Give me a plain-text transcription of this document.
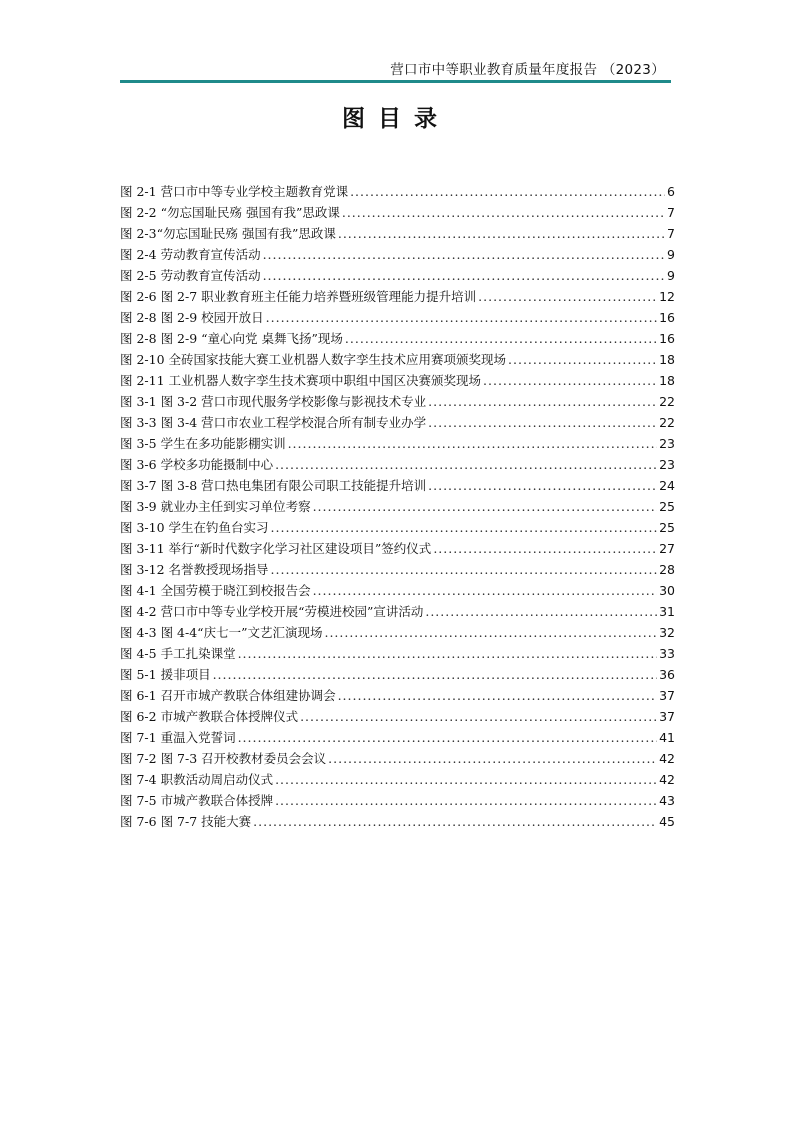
营口市中等职业教育质量年度报告 （2023）
图目录
图 2-1 营口市中等专业学校主题教育党课 .....	6
图 2-2 “勿忘国耻民殇 强国有我”思政课 .....	7
图 2-3“勿忘国耻民殇 强国有我”思政课 .....	7
图 2-4 劳动教育宣传活动 .....	9
图 2-5 劳动教育宣传活动 .....	9
图 2-6 图 2-7 职业教育班主任能力培养暨班级管理能力提升培训 .....	12
图 2-8 图 2-9 校园开放日 .....	16
图 2-8 图 2-9 “童心向党 桌舞飞扬”现场 .....	16
图 2-10 全砖国家技能大赛工业机器人数字孪生技术应用赛项颁奖现场 .....	18
图 2-11 工业机器人数字孪生技术赛项中职组中国区决赛颁奖现场 .....	18
图 3-1 图 3-2 营口市现代服务学校影像与影视技术专业 .....	22
图 3-3 图 3-4 营口市农业工程学校混合所有制专业办学 .....	22
图 3-5 学生在多功能影棚实训 .....	23
图 3-6 学校多功能摄制中心 .....	23
图 3-7 图 3-8 营口热电集团有限公司职工技能提升培训 .....	24
图 3-9 就业办主任到实习单位考察 .....	25
图 3-10 学生在钓鱼台实习 .....	25
图 3-11 举行“新时代数字化学习社区建设项目”签约仪式 .....	27
图 3-12 名誉教授现场指导 .....	28
图 4-1 全国劳模于晓江到校报告会 .....	30
图 4-2 营口市中等专业学校开展“劳模进校园”宣讲活动 .....	31
图 4-3 图 4-4“庆七一”文艺汇演现场 .....	32
图 4-5 手工扎染课堂 .....	33
图 5-1 援非项目 .....	36
图 6-1 召开市城产教联合体组建协调会 .....	37
图 6-2 市城产教联合体授牌仪式 .....	37
图 7-1 重温入党誓词 .....	41
图 7-2 图 7-3 召开校教材委员会会议 .....	42
图 7-4 职教活动周启动仪式 .....	42
图 7-5 市城产教联合体授牌 .....	43
图 7-6 图 7-7 技能大赛 .....	45
